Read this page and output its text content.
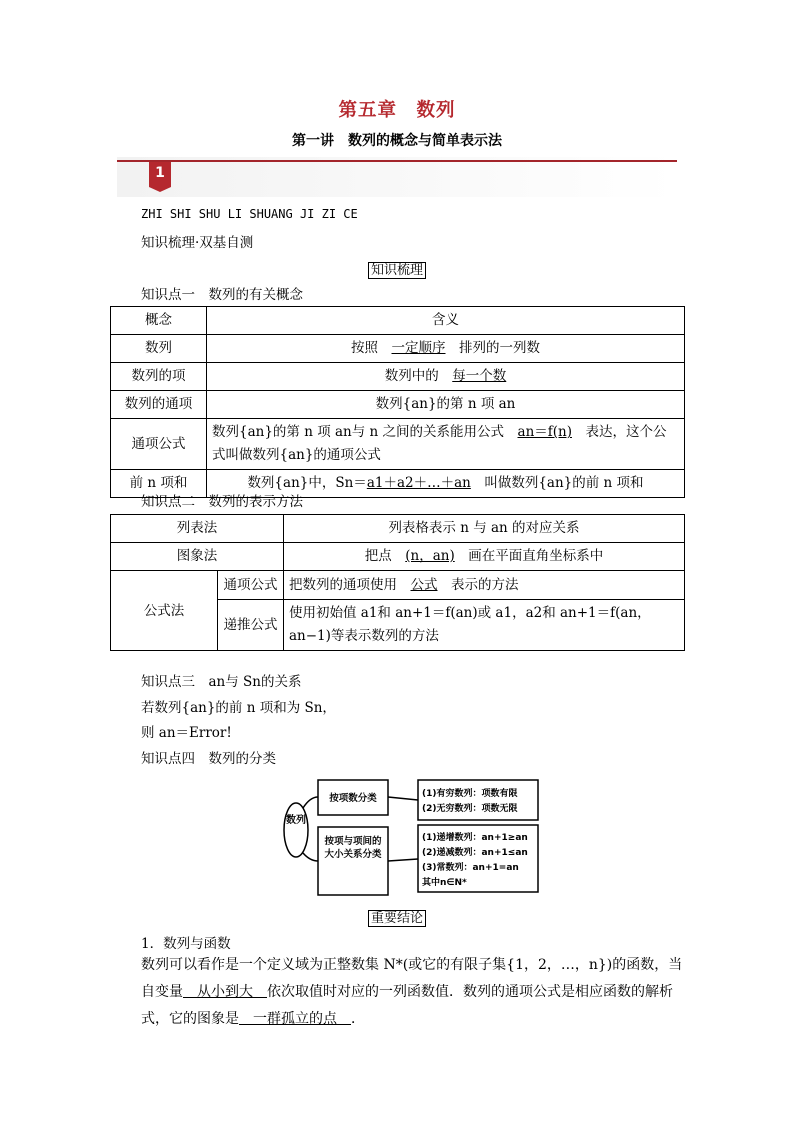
第五章　数列
第一讲　数列的概念与简单表示法
1
ZHI SHI SHU LI SHUANG JI ZI CE
知识梳理·双基自测
知识梳理
知识点一　数列的有关概念
概念	含义
数列	按照　 一定顺序　 排列的一列数
数列的项	数列中的　 每一个数　
数列的通项	数列{an}的第 n 项 an
通项公式	数列{an}的第 n 项 an与 n 之间的关系能用公式　 an＝f(n)　 表达，这个公式叫做数列{an}的通项公式
前 n 项和	数列{an}中，Sn＝a1＋a2＋…＋an　 叫做数列{an}的前 n 项和
知识点二　数列的表示方法
列表法		列表格表示 n 与 an 的对应关系
图象法		把点　 (n，an)　 画在平面直角坐标系中
公式法	通项公式	把数列的通项使用　 公式　 表示的方法
	递推公式	使用初始值 a1和 an+1＝f(an)或 a1，a2和 an+1＝f(an，an−1)等表示数列的方法
知识点三　an与 Sn的关系
若数列{an}的前 n 项和为 Sn，
则 an＝Error!
知识点四　数列的分类
数列
按项数分类
按项与项间的大小关系分类
(1)有穷数列：项数有限
(2)无穷数列：项数无限
(1)递增数列：an+1≥an
(2)递减数列：an+1≤an
(3)常数列：an+1=an
其中n∈N*
重要结论
1．数列与函数
数列可以看作是一个定义域为正整数集 N*(或它的有限子集{1，2，…，n})的函数，当自变量　 从小到大　 依次取值时对应的一列函数值．数列的通项公式是相应函数的解析式，它的图象是　 一群孤立的点　 ．
